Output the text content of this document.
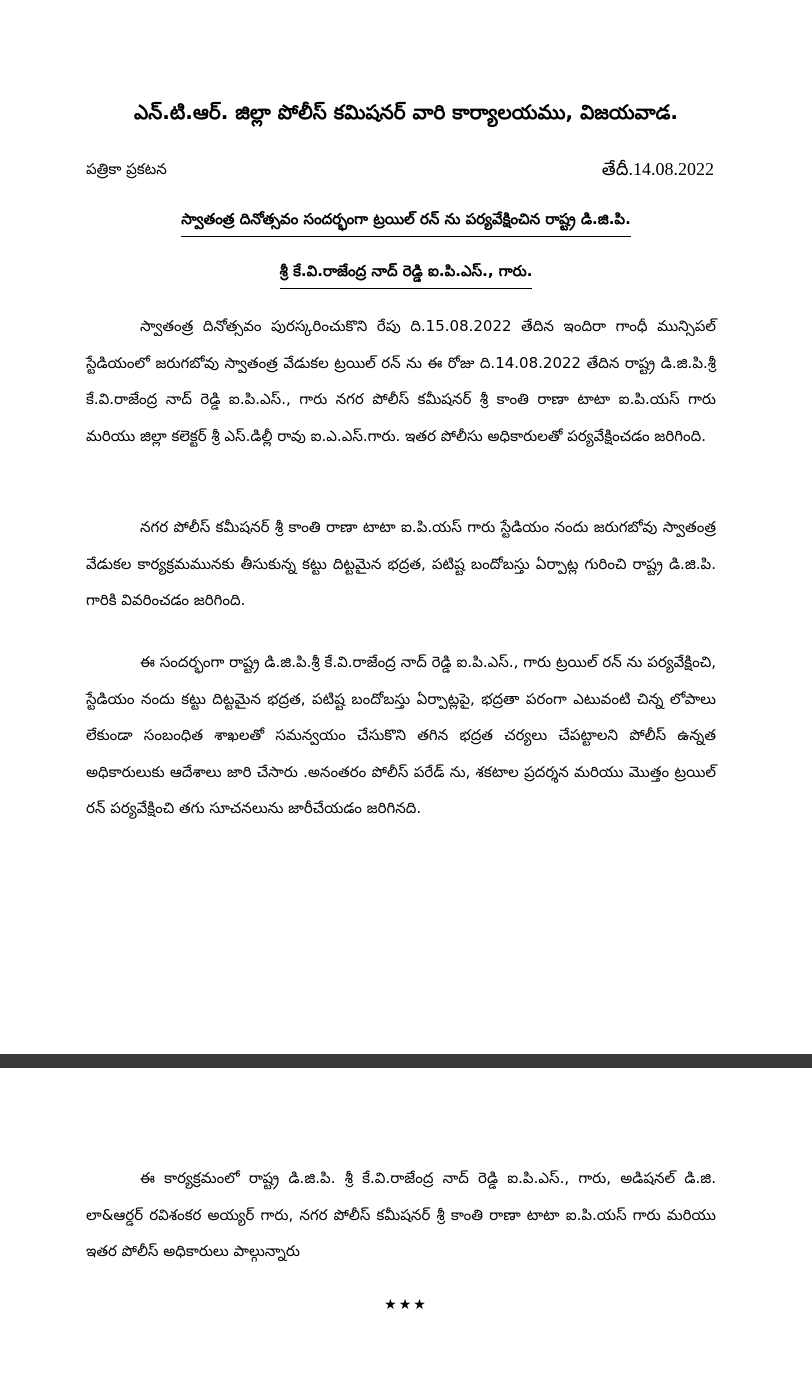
ఎన్.టి.ఆర్. జిల్లా పోలీస్ కమిషనర్ వారి కార్యాలయము, విజయవాడ.
పత్రికా ప్రకటన	తేదీ.14.08.2022
స్వాతంత్ర దినోత్సవం సందర్భంగా ట్రయిల్ రన్ ను పర్యవేక్షించిన రాష్ట్ర డి.జి.పి.
శ్రీ కే.వి.రాజేంద్ర నాద్ రెడ్డి ఐ.పి.ఎస్., గారు.

స్వాతంత్ర దినోత్సవం పురస్కరించుకొని రేపు ది.15.08.2022 తేదిన ఇందిరా గాంధీ మున్సిపల్ స్టేడియంలో జరుగబోవు స్వాతంత్ర వేడుకల ట్రయిల్ రన్ ను ఈ రోజు ది.14.08.2022 తేదిన రాష్ట్ర డి.జి.పి.శ్రీ కే.వి.రాజేంద్ర నాద్ రెడ్డి ఐ.పి.ఎస్., గారు నగర పోలీస్ కమీషనర్ శ్రీ కాంతి రాణా టాటా ఐ.పి.యస్ గారు మరియు జిల్లా కలెక్టర్ శ్రీ ఎస్.డిల్లీ రావు ఐ.ఎ.ఎస్.గారు. ఇతర పోలీసు అధికారులతో పర్యవేక్షించడం జరిగింది.

నగర పోలీస్ కమీషనర్ శ్రీ కాంతి రాణా టాటా ఐ.పి.యస్ గారు స్టేడియం నందు జరుగబోవు స్వాతంత్ర వేడుకల కార్యక్రమమునకు తీసుకున్న కట్టు దిట్టమైన భద్రత, పటిష్ట బందోబస్తు ఏర్పాట్ల గురించి రాష్ట్ర డి.జి.పి. గారికి వివరించడం జరిగింది.

ఈ సందర్భంగా రాష్ట్ర డి.జి.పి.శ్రీ కే.వి.రాజేంద్ర నాద్ రెడ్డి ఐ.పి.ఎస్., గారు ట్రయిల్ రన్ ను పర్యవేక్షించి, స్టేడియం నందు కట్టు దిట్టమైన భద్రత, పటిష్ట బందోబస్తు ఏర్పాట్లపై, భద్రతా పరంగా ఎటువంటి చిన్న లోపాలు లేకుండా సంబంధిత శాఖలతో సమన్వయం చేసుకొని తగిన భద్రత చర్యలు చేపట్టాలని పోలీస్ ఉన్నత అధికారులుకు ఆదేశాలు జారి చేసారు .అనంతరం పోలీస్ పరేడ్ ను, శకటాల ప్రదర్శన మరియు మొత్తం ట్రయిల్ రన్ పర్యవేక్షించి తగు సూచనలును జారీచేయడం జరిగినది.

ఈ కార్యక్రమంలో రాష్ట్ర డి.జి.పి. శ్రీ కే.వి.రాజేంద్ర నాద్ రెడ్డి ఐ.పి.ఎస్., గారు, అడిషనల్ డి.జి. లా&ఆర్డర్ రవిశంకర అయ్యర్ గారు, నగర పోలీస్ కమీషనర్ శ్రీ కాంతి రాణా టాటా ఐ.పి.యస్ గారు మరియు ఇతర పోలీస్ అధికారులు పాల్గున్నారు

★★★
